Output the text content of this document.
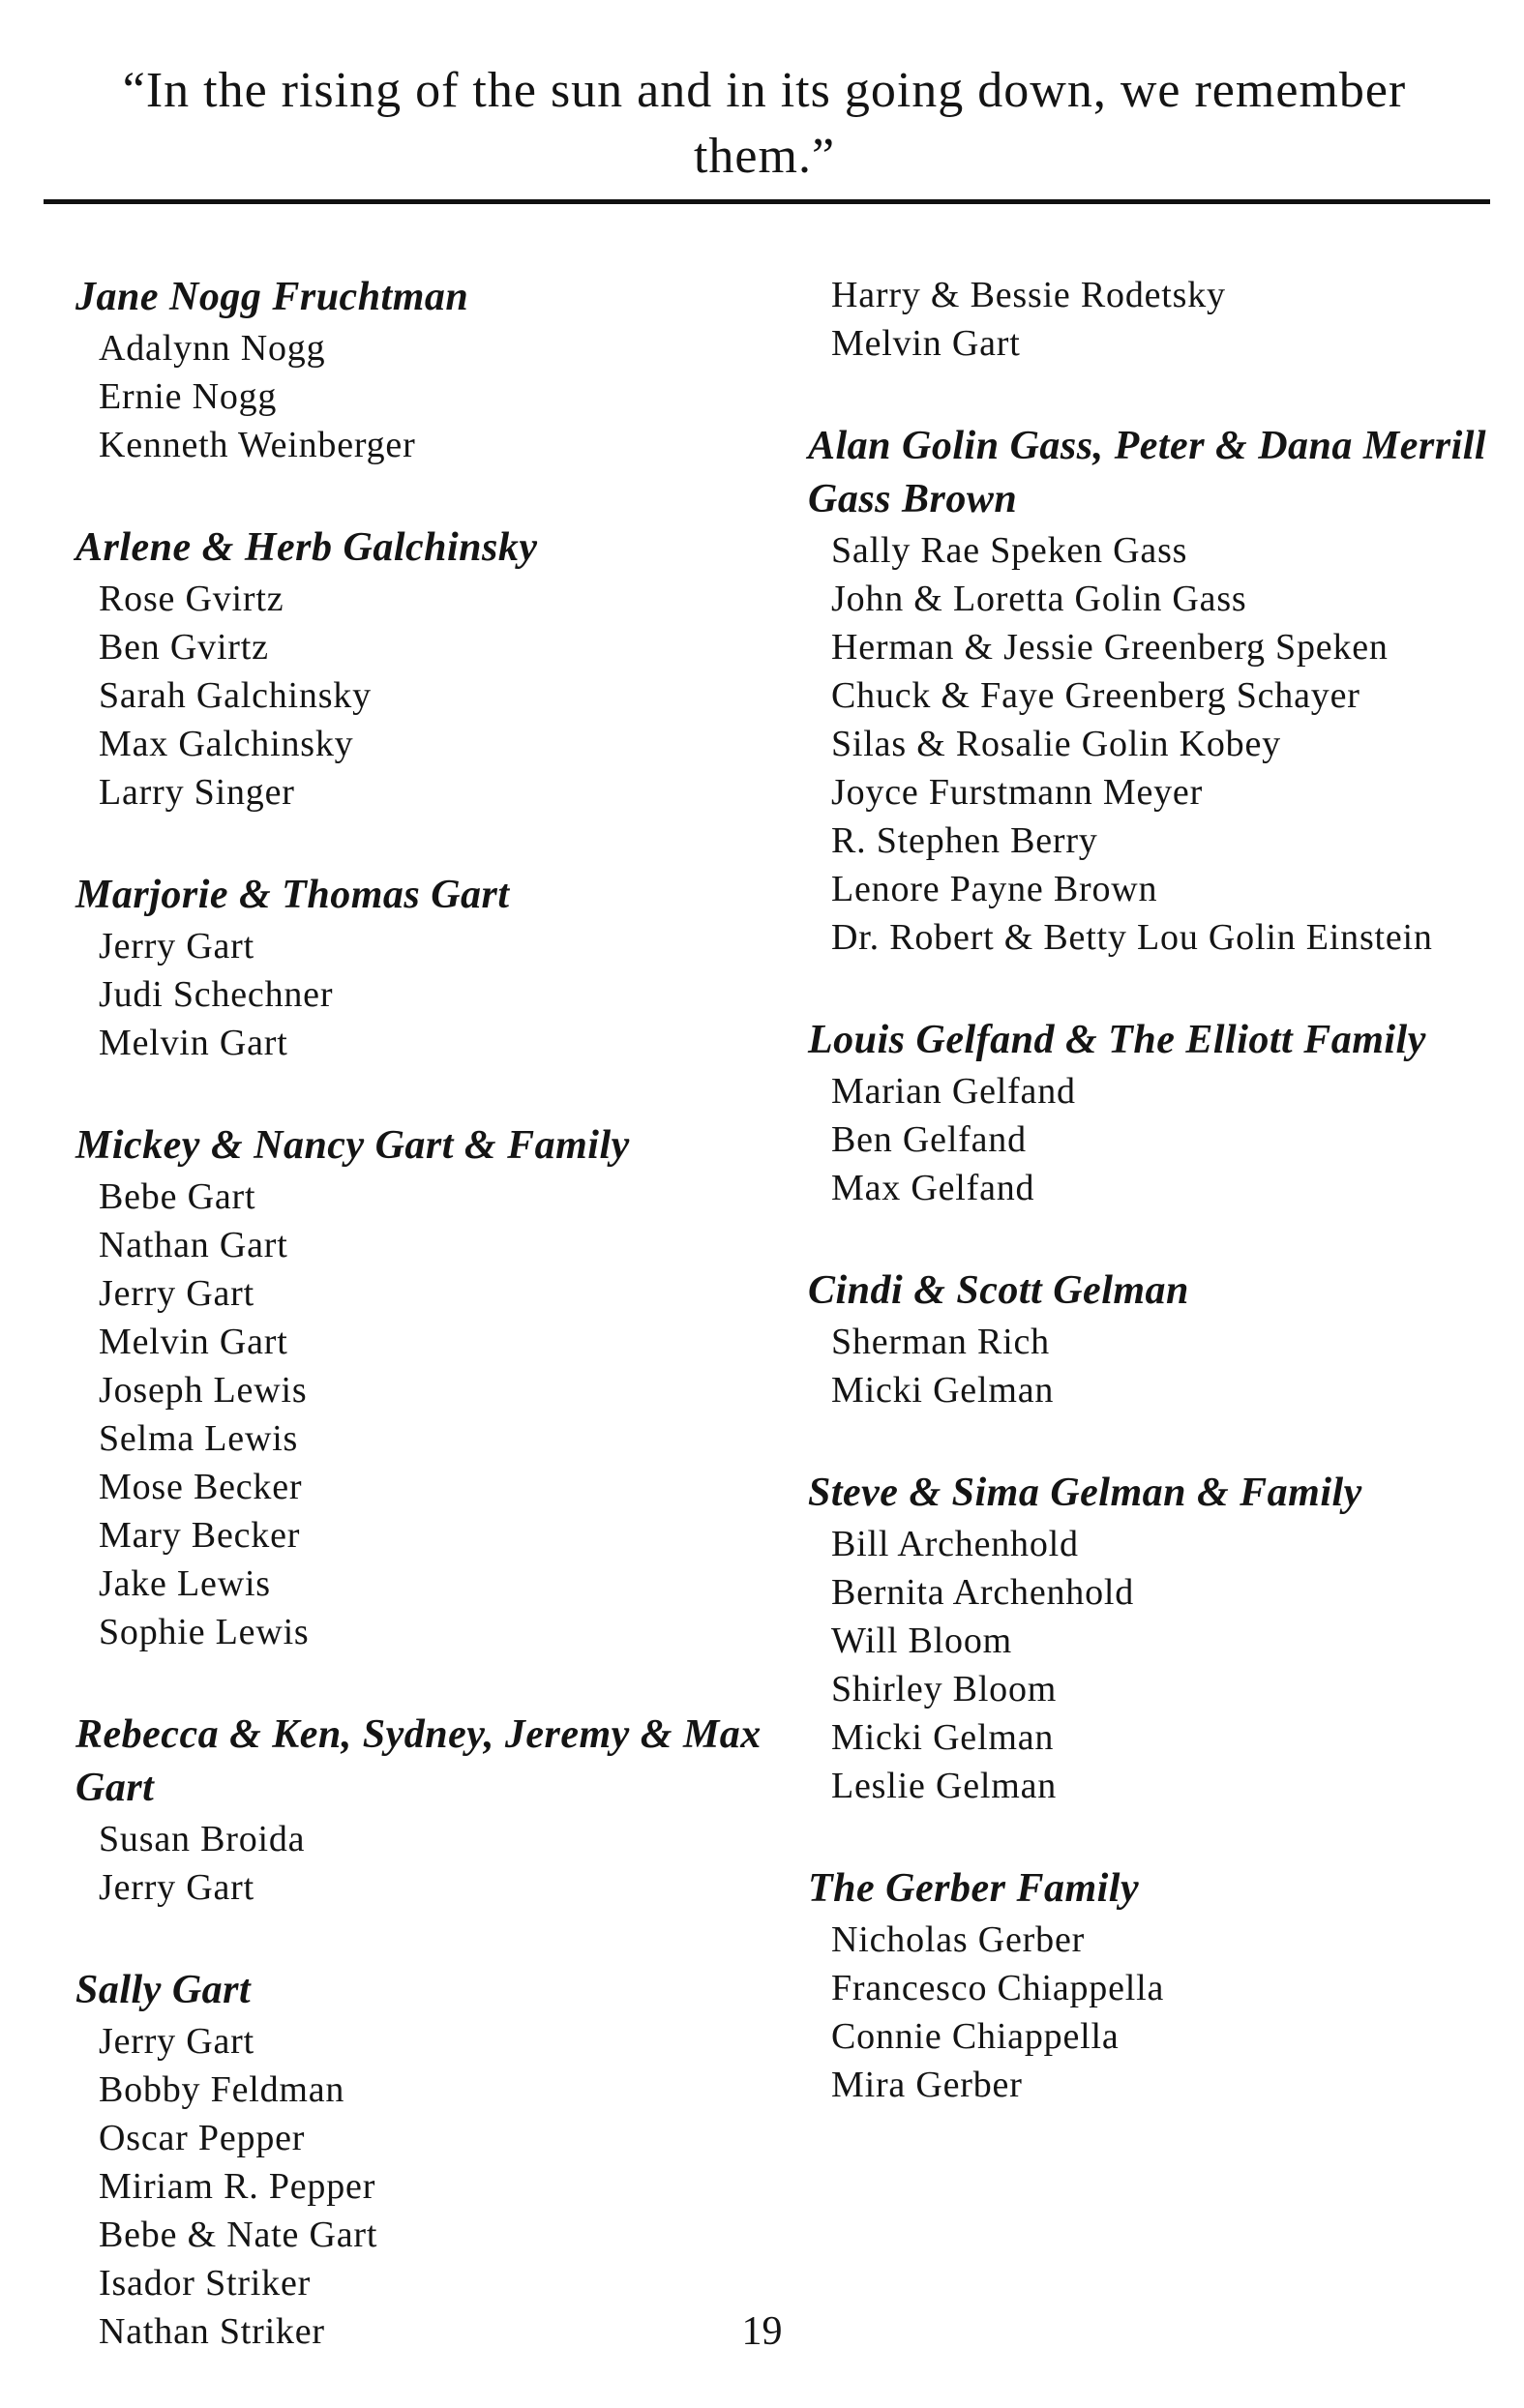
“In the rising of the sun and in its going down, we remember them.”
Jane Nogg Fruchtman
Adalynn Nogg
Ernie Nogg
Kenneth Weinberger
Arlene & Herb Galchinsky
Rose Gvirtz
Ben Gvirtz
Sarah Galchinsky
Max Galchinsky
Larry Singer
Marjorie & Thomas Gart
Jerry Gart
Judi Schechner
Melvin Gart
Mickey & Nancy Gart & Family
Bebe Gart
Nathan Gart
Jerry Gart
Melvin Gart
Joseph Lewis
Selma Lewis
Mose Becker
Mary Becker
Jake Lewis
Sophie Lewis
Rebecca & Ken, Sydney, Jeremy & Max Gart
Susan Broida
Jerry Gart
Sally Gart
Jerry Gart
Bobby Feldman
Oscar Pepper
Miriam R. Pepper
Bebe & Nate Gart
Isador Striker
Nathan Striker
Harry & Bessie Rodetsky
Melvin Gart
Alan Golin Gass, Peter & Dana Merrill Gass Brown
Sally Rae Speken Gass
John & Loretta Golin Gass
Herman & Jessie Greenberg Speken
Chuck & Faye Greenberg Schayer
Silas & Rosalie Golin Kobey
Joyce Furstmann Meyer
R. Stephen Berry
Lenore Payne Brown
Dr. Robert & Betty Lou Golin Einstein
Louis Gelfand & The Elliott Family
Marian Gelfand
Ben Gelfand
Max Gelfand
Cindi & Scott Gelman
Sherman Rich
Micki Gelman
Steve & Sima Gelman & Family
Bill Archenhold
Bernita Archenhold
Will Bloom
Shirley Bloom
Micki Gelman
Leslie Gelman
The Gerber Family
Nicholas Gerber
Francesco Chiappella
Connie Chiappella
Mira Gerber
19
